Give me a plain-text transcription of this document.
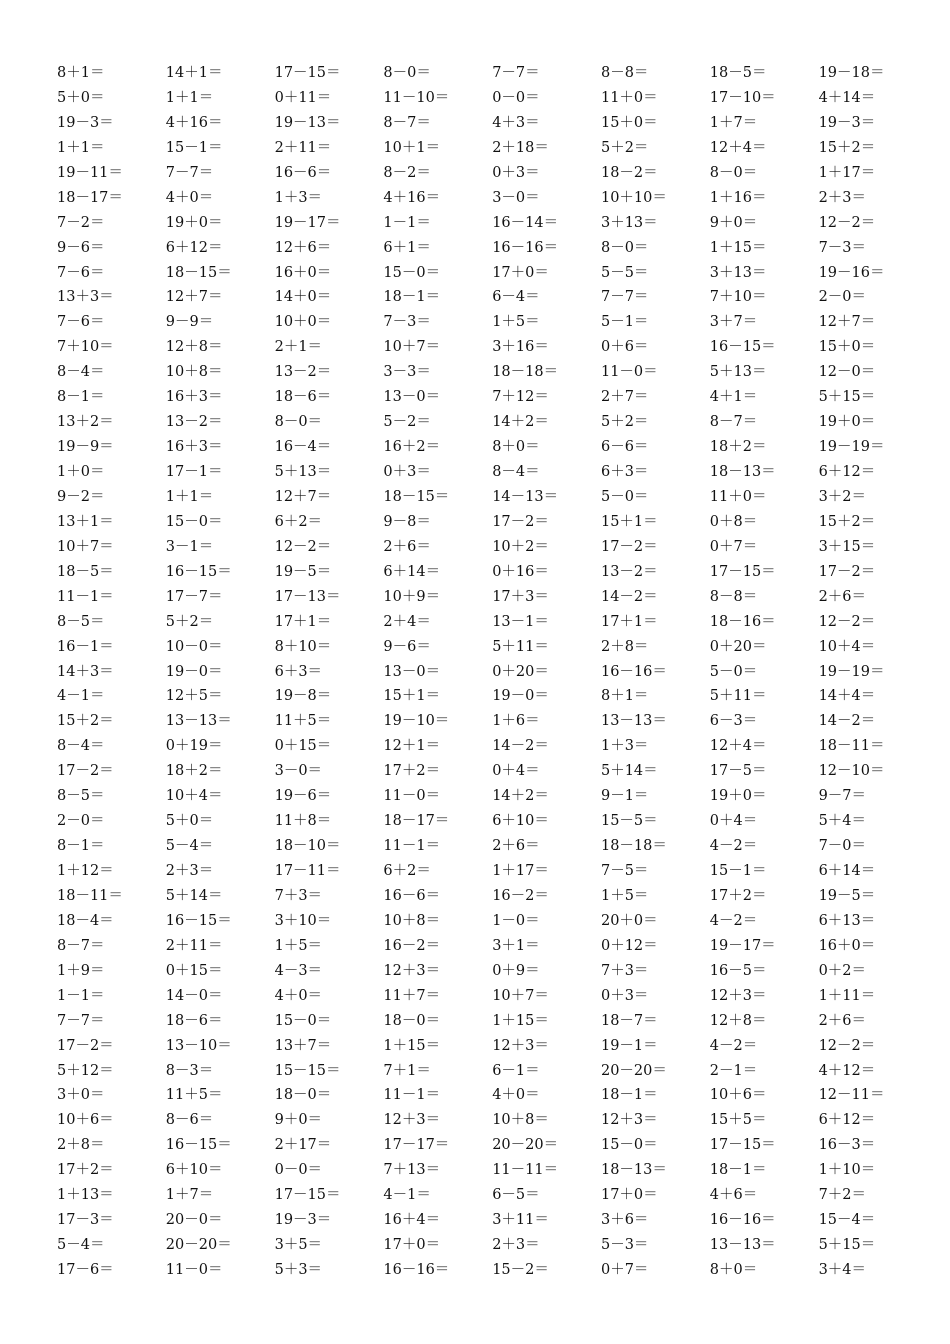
8＋1＝	14＋1＝	17－15＝	8－0＝	7－7＝	8－8＝	18－5＝	19－18＝
5＋0＝	1＋1＝	0＋11＝	11－10＝	0－0＝	11＋0＝	17－10＝	4＋14＝
19－3＝	4＋16＝	19－13＝	8－7＝	4＋3＝	15＋0＝	1＋7＝	19－3＝
1＋1＝	15－1＝	2＋11＝	10＋1＝	2＋18＝	5＋2＝	12＋4＝	15＋2＝
19－11＝	7－7＝	16－6＝	8－2＝	0＋3＝	18－2＝	8－0＝	1＋17＝
18－17＝	4＋0＝	1＋3＝	4＋16＝	3－0＝	10＋10＝	1＋16＝	2＋3＝
7－2＝	19＋0＝	19－17＝	1－1＝	16－14＝	3＋13＝	9＋0＝	12－2＝
9－6＝	6＋12＝	12＋6＝	6＋1＝	16－16＝	8－0＝	1＋15＝	7－3＝
7－6＝	18－15＝	16＋0＝	15－0＝	17＋0＝	5－5＝	3＋13＝	19－16＝
13＋3＝	12＋7＝	14＋0＝	18－1＝	6－4＝	7－7＝	7＋10＝	2－0＝
7－6＝	9－9＝	10＋0＝	7－3＝	1＋5＝	5－1＝	3＋7＝	12＋7＝
7＋10＝	12＋8＝	2＋1＝	10＋7＝	3＋16＝	0＋6＝	16－15＝	15＋0＝
8－4＝	10＋8＝	13－2＝	3－3＝	18－18＝	11－0＝	5＋13＝	12－0＝
8－1＝	16＋3＝	18－6＝	13－0＝	7＋12＝	2＋7＝	4＋1＝	5＋15＝
13＋2＝	13－2＝	8－0＝	5－2＝	14＋2＝	5＋2＝	8－7＝	19＋0＝
19－9＝	16＋3＝	16－4＝	16＋2＝	8＋0＝	6－6＝	18＋2＝	19－19＝
1＋0＝	17－1＝	5＋13＝	0＋3＝	8－4＝	6＋3＝	18－13＝	6＋12＝
9－2＝	1＋1＝	12＋7＝	18－15＝	14－13＝	5－0＝	11＋0＝	3＋2＝
13＋1＝	15－0＝	6＋2＝	9－8＝	17－2＝	15＋1＝	0＋8＝	15＋2＝
10＋7＝	3－1＝	12－2＝	2＋6＝	10＋2＝	17－2＝	0＋7＝	3＋15＝
18－5＝	16－15＝	19－5＝	6＋14＝	0＋16＝	13－2＝	17－15＝	17－2＝
11－1＝	17－7＝	17－13＝	10＋9＝	17＋3＝	14－2＝	8－8＝	2＋6＝
8－5＝	5＋2＝	17＋1＝	2＋4＝	13－1＝	17＋1＝	18－16＝	12－2＝
16－1＝	10－0＝	8＋10＝	9－6＝	5＋11＝	2＋8＝	0＋20＝	10＋4＝
14＋3＝	19－0＝	6＋3＝	13－0＝	0＋20＝	16－16＝	5－0＝	19－19＝
4－1＝	12＋5＝	19－8＝	15＋1＝	19－0＝	8＋1＝	5＋11＝	14＋4＝
15＋2＝	13－13＝	11＋5＝	19－10＝	1＋6＝	13－13＝	6－3＝	14－2＝
8－4＝	0＋19＝	0＋15＝	12＋1＝	14－2＝	1＋3＝	12＋4＝	18－11＝
17－2＝	18＋2＝	3－0＝	17＋2＝	0＋4＝	5＋14＝	17－5＝	12－10＝
8－5＝	10＋4＝	19－6＝	11－0＝	14＋2＝	9－1＝	19＋0＝	9－7＝
2－0＝	5＋0＝	11＋8＝	18－17＝	6＋10＝	15－5＝	0＋4＝	5＋4＝
8－1＝	5－4＝	18－10＝	11－1＝	2＋6＝	18－18＝	4－2＝	7－0＝
1＋12＝	2＋3＝	17－11＝	6＋2＝	1＋17＝	7－5＝	15－1＝	6＋14＝
18－11＝	5＋14＝	7＋3＝	16－6＝	16－2＝	1＋5＝	17＋2＝	19－5＝
18－4＝	16－15＝	3＋10＝	10＋8＝	1－0＝	20＋0＝	4－2＝	6＋13＝
8－7＝	2＋11＝	1＋5＝	16－2＝	3＋1＝	0＋12＝	19－17＝	16＋0＝
1＋9＝	0＋15＝	4－3＝	12＋3＝	0＋9＝	7＋3＝	16－5＝	0＋2＝
1－1＝	14－0＝	4＋0＝	11＋7＝	10＋7＝	0＋3＝	12＋3＝	1＋11＝
7－7＝	18－6＝	15－0＝	18－0＝	1＋15＝	18－7＝	12＋8＝	2＋6＝
17－2＝	13－10＝	13＋7＝	1＋15＝	12＋3＝	19－1＝	4－2＝	12－2＝
5＋12＝	8－3＝	15－15＝	7＋1＝	6－1＝	20－20＝	2－1＝	4＋12＝
3＋0＝	11＋5＝	18－0＝	11－1＝	4＋0＝	18－1＝	10＋6＝	12－11＝
10＋6＝	8－6＝	9＋0＝	12＋3＝	10＋8＝	12＋3＝	15＋5＝	6＋12＝
2＋8＝	16－15＝	2＋17＝	17－17＝	20－20＝	15－0＝	17－15＝	16－3＝
17＋2＝	6＋10＝	0－0＝	7＋13＝	11－11＝	18－13＝	18－1＝	1＋10＝
1＋13＝	1＋7＝	17－15＝	4－1＝	6－5＝	17＋0＝	4＋6＝	7＋2＝
17－3＝	20－0＝	19－3＝	16＋4＝	3＋11＝	3＋6＝	16－16＝	15－4＝
5－4＝	20－20＝	3＋5＝	17＋0＝	2＋3＝	5－3＝	13－13＝	5＋15＝
17－6＝	11－0＝	5＋3＝	16－16＝	15－2＝	0＋7＝	8＋0＝	3＋4＝
